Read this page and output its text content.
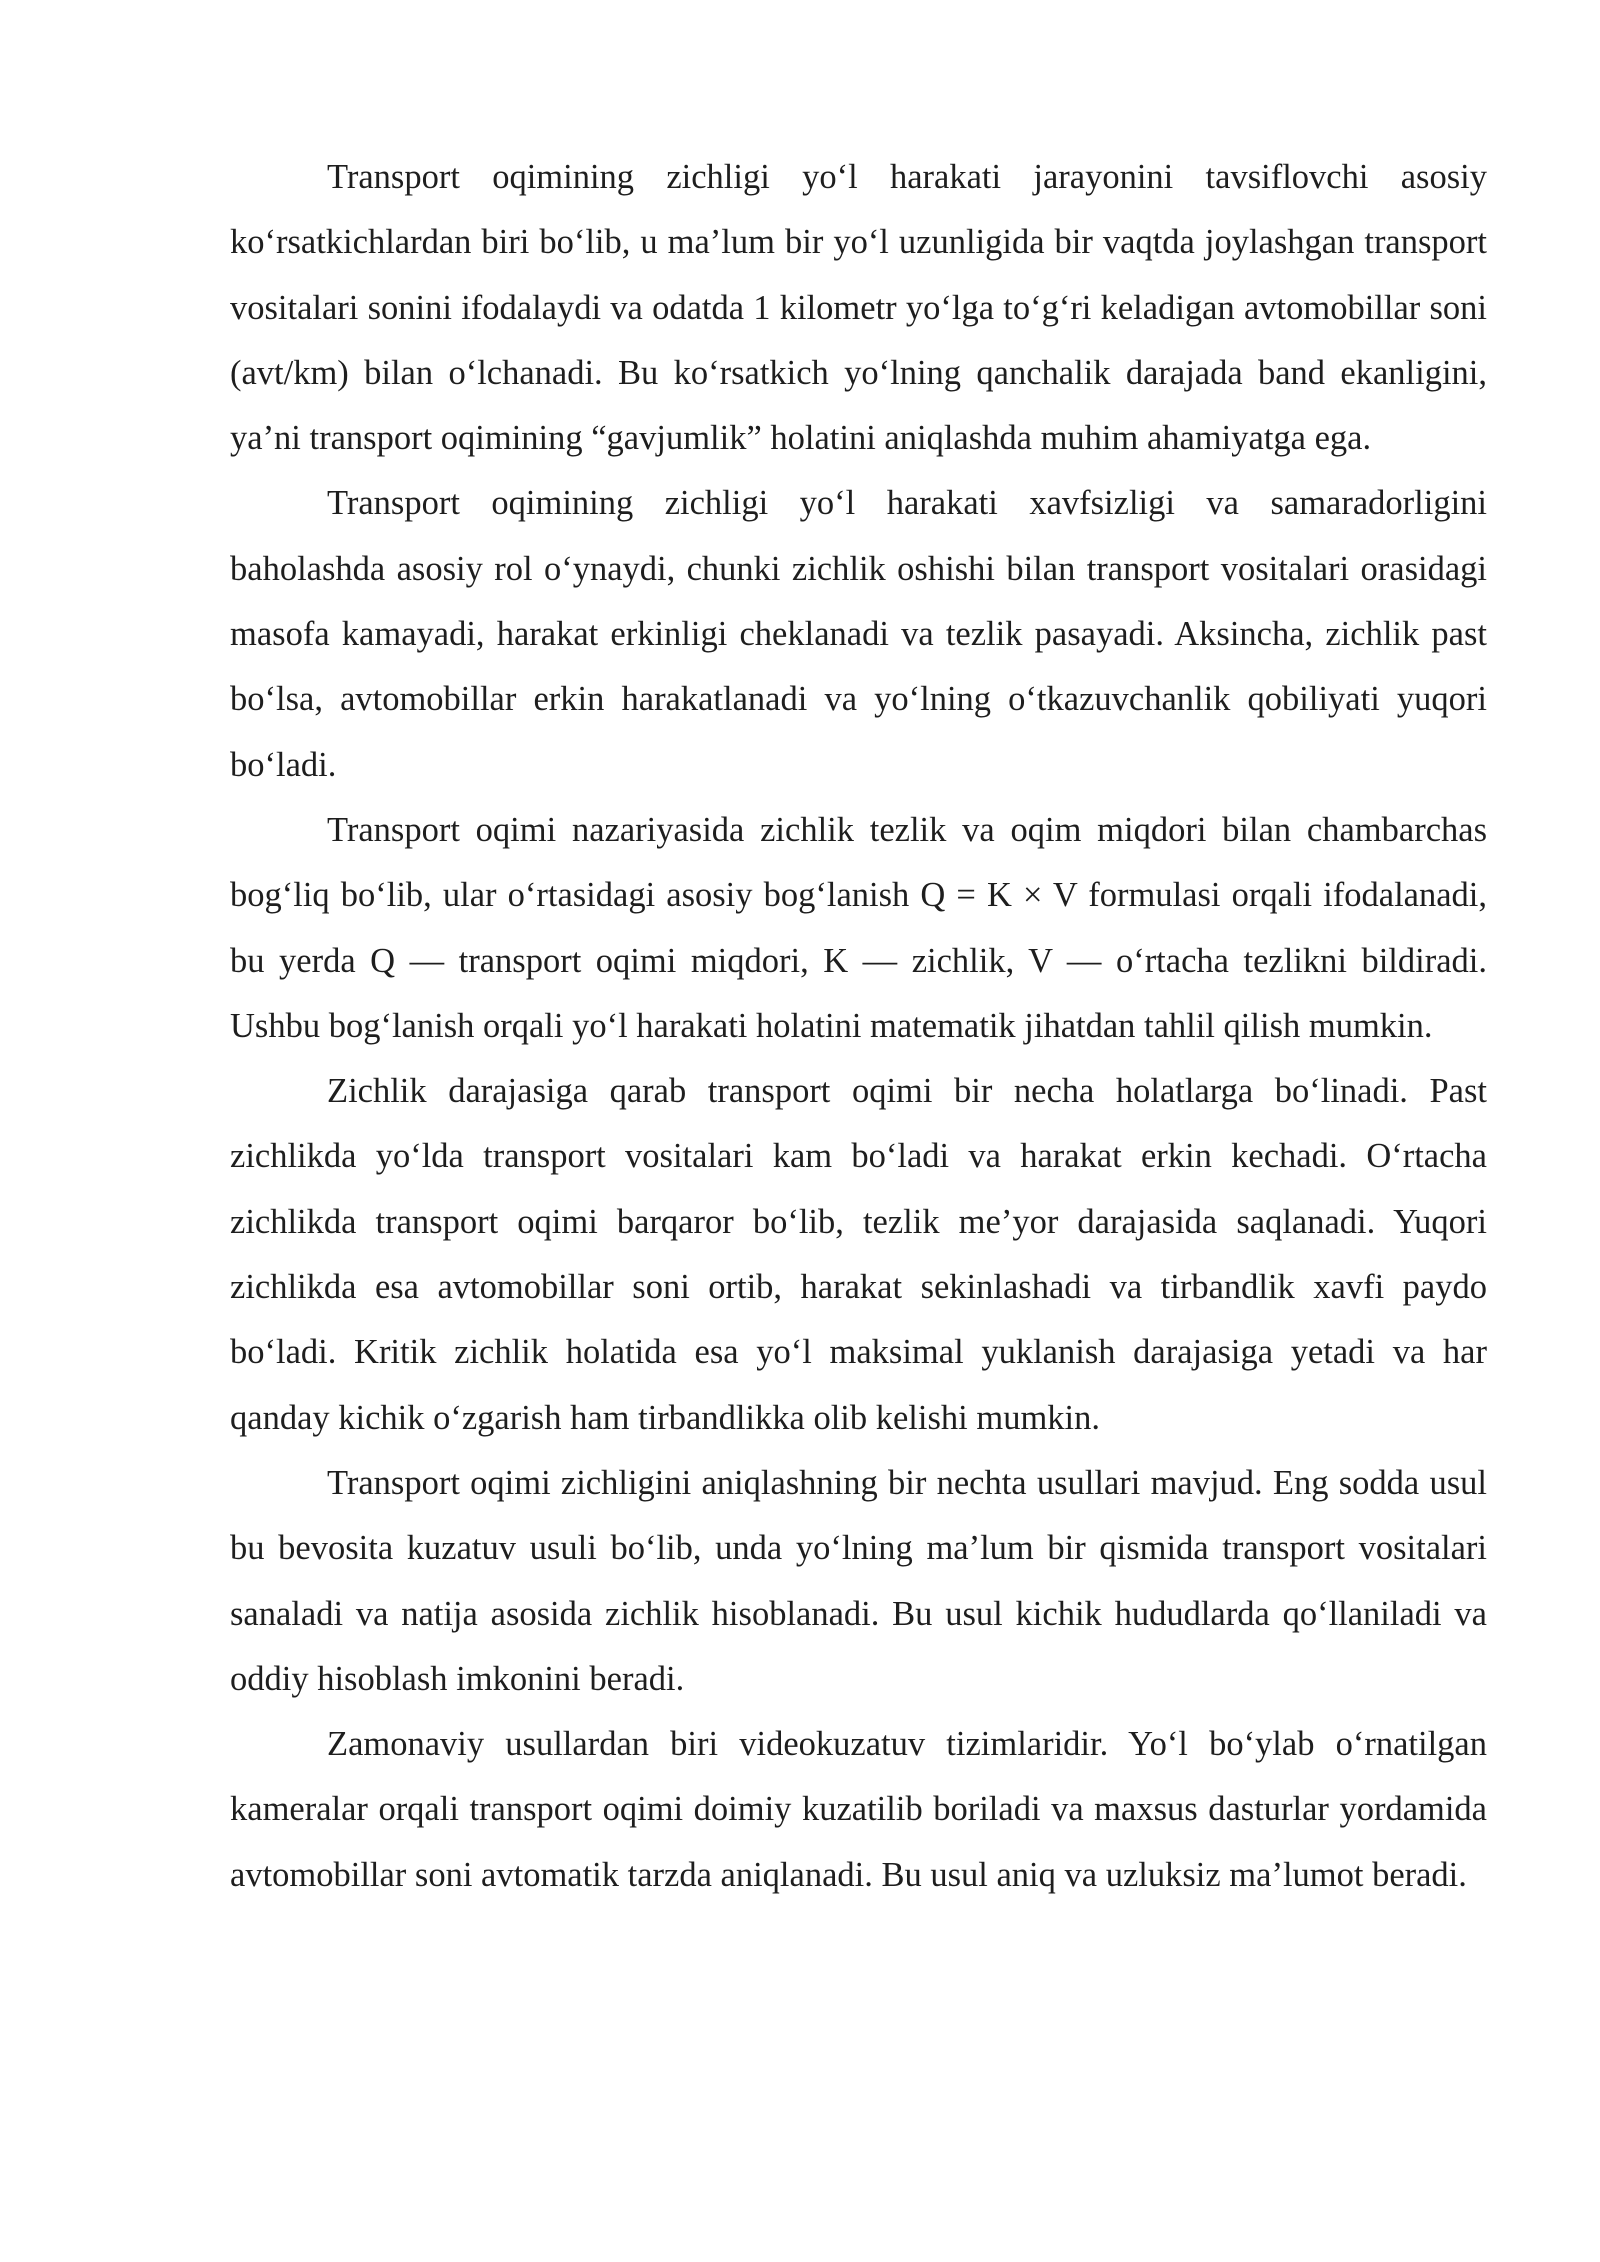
Transport oqimining zichligi yo‘l harakati jarayonini tavsiflovchi asosiy ko‘rsatkichlardan biri bo‘lib, u ma’lum bir yo‘l uzunligida bir vaqtda joylashgan transport vositalari sonini ifodalaydi va odatda 1 kilometr yo‘lga to‘g‘ri keladigan avtomobillar soni (avt/km) bilan o‘lchanadi. Bu ko‘rsatkich yo‘lning qanchalik darajada band ekanligini, ya’ni transport oqimining “gavjumlik” holatini aniqlashda muhim ahamiyatga ega.

Transport oqimining zichligi yo‘l harakati xavfsizligi va samaradorligini baholashda asosiy rol o‘ynaydi, chunki zichlik oshishi bilan transport vositalari orasidagi masofa kamayadi, harakat erkinligi cheklanadi va tezlik pasayadi. Aksincha, zichlik past bo‘lsa, avtomobillar erkin harakatlanadi va yo‘lning o‘tkazuvchanlik qobiliyati yuqori bo‘ladi.

Transport oqimi nazariyasida zichlik tezlik va oqim miqdori bilan chambarchas bog‘liq bo‘lib, ular o‘rtasidagi asosiy bog‘lanish Q = K × V formulasi orqali ifodalanadi, bu yerda Q — transport oqimi miqdori, K — zichlik, V — o‘rtacha tezlikni bildiradi. Ushbu bog‘lanish orqali yo‘l harakati holatini matematik jihatdan tahlil qilish mumkin.

Zichlik darajasiga qarab transport oqimi bir necha holatlarga bo‘linadi. Past zichlikda yo‘lda transport vositalari kam bo‘ladi va harakat erkin kechadi. O‘rtacha zichlikda transport oqimi barqaror bo‘lib, tezlik me’yor darajasida saqlanadi. Yuqori zichlikda esa avtomobillar soni ortib, harakat sekinlashadi va tirbandlik xavfi paydo bo‘ladi. Kritik zichlik holatida esa yo‘l maksimal yuklanish darajasiga yetadi va har qanday kichik o‘zgarish ham tirbandlikka olib kelishi mumkin.

Transport oqimi zichligini aniqlashning bir nechta usullari mavjud. Eng sodda usul bu bevosita kuzatuv usuli bo‘lib, unda yo‘lning ma’lum bir qismida transport vositalari sanaladi va natija asosida zichlik hisoblanadi. Bu usul kichik hududlarda qo‘llaniladi va oddiy hisoblash imkonini beradi.

Zamonaviy usullardan biri videokuzatuv tizimlaridir. Yo‘l bo‘ylab o‘rnatilgan kameralar orqali transport oqimi doimiy kuzatilib boriladi va maxsus dasturlar yordamida avtomobillar soni avtomatik tarzda aniqlanadi. Bu usul aniq va uzluksiz ma’lumot beradi.
